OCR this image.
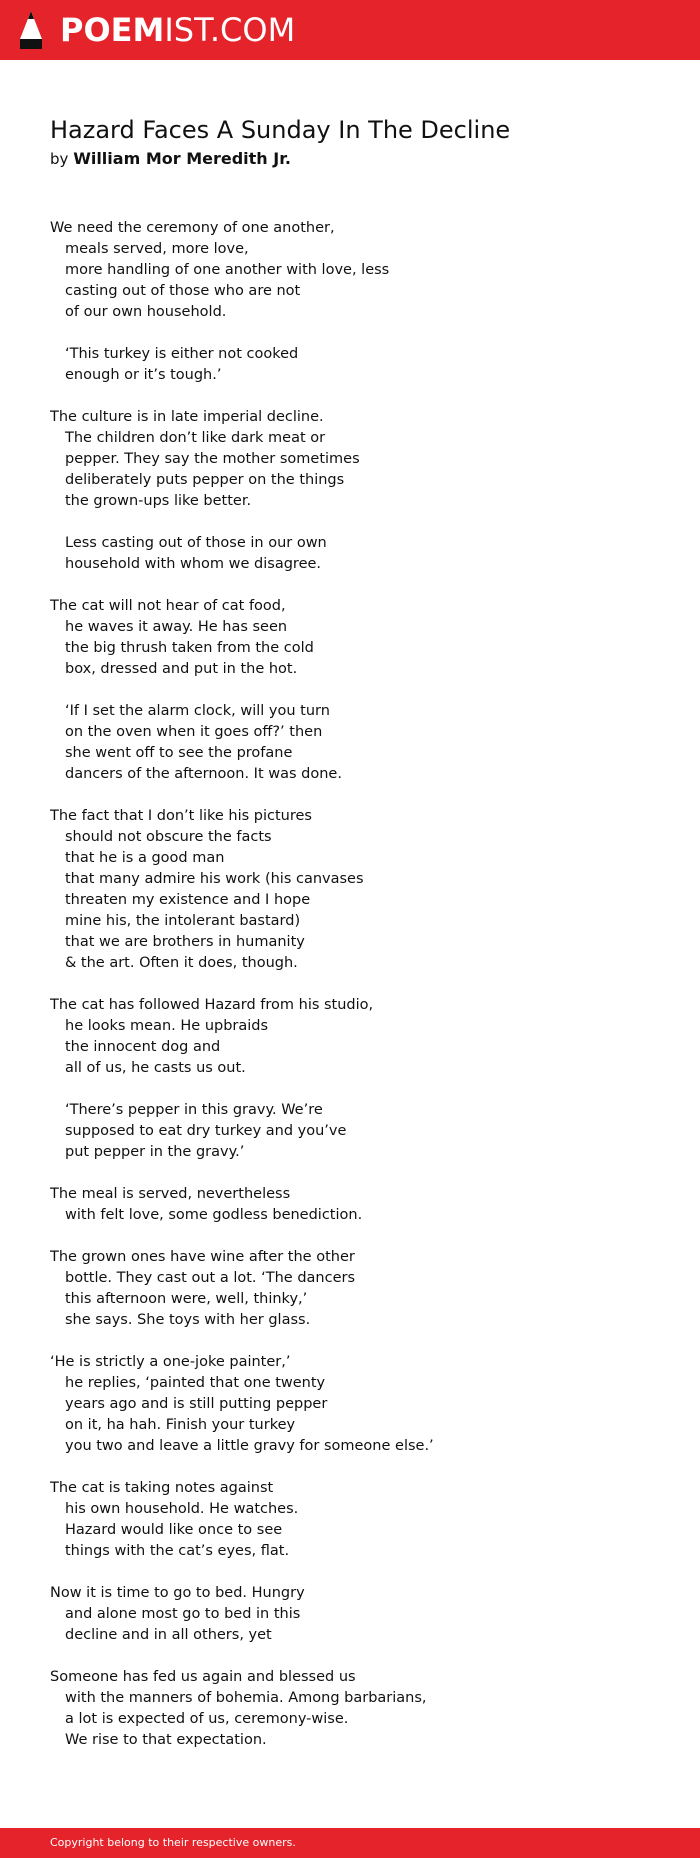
POEMIST.COM
Hazard Faces A Sunday In The Decline
by William Mor Meredith Jr.
We need the ceremony of one another,
meals served, more love,
more handling of one another with love, less
casting out of those who are not
of our own household.
‘This turkey is either not cooked
enough or it’s tough.’
The culture is in late imperial decline.
The children don’t like dark meat or
pepper. They say the mother sometimes
deliberately puts pepper on the things
the grown-ups like better.
Less casting out of those in our own
household with whom we disagree.
The cat will not hear of cat food,
he waves it away. He has seen
the big thrush taken from the cold
box, dressed and put in the hot.
‘If I set the alarm clock, will you turn
on the oven when it goes off?’ then
she went off to see the profane
dancers of the afternoon. It was done.
The fact that I don’t like his pictures
should not obscure the facts
that he is a good man
that many admire his work (his canvases
threaten my existence and I hope
mine his, the intolerant bastard)
that we are brothers in humanity
& the art. Often it does, though.
The cat has followed Hazard from his studio,
he looks mean. He upbraids
the innocent dog and
all of us, he casts us out.
‘There’s pepper in this gravy. We’re
supposed to eat dry turkey and you’ve
put pepper in the gravy.’
The meal is served, nevertheless
with felt love, some godless benediction.
The grown ones have wine after the other
bottle. They cast out a lot. ‘The dancers
this afternoon were, well, thinky,’
she says. She toys with her glass.
‘He is strictly a one-joke painter,’
he replies, ‘painted that one twenty
years ago and is still putting pepper
on it, ha hah. Finish your turkey
you two and leave a little gravy for someone else.’
The cat is taking notes against
his own household. He watches.
Hazard would like once to see
things with the cat’s eyes, flat.
Now it is time to go to bed. Hungry
and alone most go to bed in this
decline and in all others, yet
Someone has fed us again and blessed us
with the manners of bohemia. Among barbarians,
a lot is expected of us, ceremony-wise.
We rise to that expectation.
Copyright belong to their respective owners.
